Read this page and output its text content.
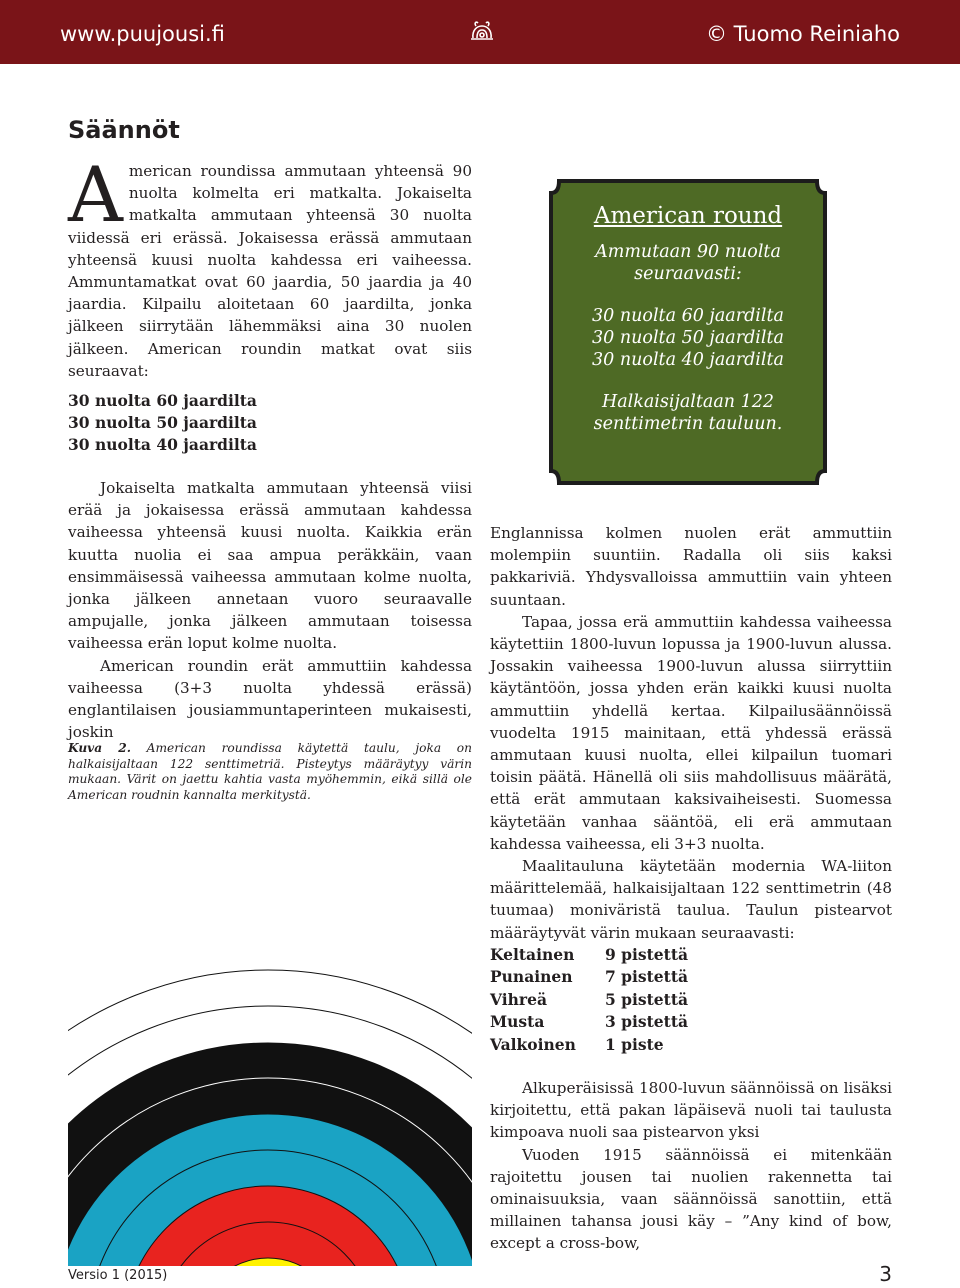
www.puujousi.fi	© Tuomo Reiniaho
Säännöt
American roundissa ammutaan yhteensä 90 nuolta kolmelta eri matkalta. Jokaiselta matkalta ammutaan yhteensä 30 nuolta viidessä eri erässä. Jokaisessa erässä ammutaan yhteensä kuusi nuolta kahdessa eri vaiheessa. Ammuntamatkat ovat 60 jaardia, 50 jaardia ja 40 jaardia. Kilpailu aloitetaan 60 jaardilta, jonka jälkeen siirrytään lähemmäksi aina 30 nuolen jälkeen. American roundin matkat ovat siis seuraavat:
30 nuolta 60 jaardilta
30 nuolta 50 jaardilta
30 nuolta 40 jaardilta

Jokaiselta matkalta ammutaan yhteensä viisi erää ja jokaisessa erässä ammutaan kahdessa vaiheessa yhteensä kuusi nuolta. Kaikkia erän kuutta nuolia ei saa ampua peräkkäin, vaan ensimmäisessä vaiheessa ammutaan kolme nuolta, jonka jälkeen annetaan vuoro seuraavalle ampujalle, jonka jälkeen ammutaan toisessa vaiheessa erän loput kolme nuolta.

American roundin erät ammuttiin kahdessa vaiheessa (3+3 nuolta yhdessä erässä) englantilaisen jousiammuntaperinteen mukaisesti, joskin

Kuva 2. American roundissa käytettä taulu, joka on halkaisijaltaan 122 senttimetriä. Pisteytys määräytyy värin mukaan. Värit on jaettu kahtia vasta myöhemmin, eikä sillä ole American roudnin kannalta merkitystä.
American round
Ammutaan 90 nuolta
seuraavasti:
30 nuolta 60 jaardilta
30 nuolta 50 jaardilta
30 nuolta 40 jaardilta
Halkaisijaltaan 122
senttimetrin tauluun.

Englannissa kolmen nuolen erät ammuttiin molempiin suuntiin. Radalla oli siis kaksi pakkariviä. Yhdysvalloissa ammuttiin vain yhteen suuntaan.

Tapaa, jossa erä ammuttiin kahdessa vaiheessa käytettiin 1800-luvun lopussa ja 1900-luvun alussa. Jossakin vaiheessa 1900-luvun alussa siirryttiin käytäntöön, jossa yhden erän kaikki kuusi nuolta ammuttiin yhdellä kertaa. Kilpailusäännöissä vuodelta 1915 mainitaan, että yhdessä erässä ammutaan kuusi nuolta, ellei kilpailun tuomari toisin päätä. Hänellä oli siis mahdollisuus määrätä, että erät ammutaan kaksivaiheisesti. Suomessa käytetään vanhaa sääntöä, eli erä ammutaan kahdessa vaiheessa, eli 3+3 nuolta.

Maalitauluna käytetään modernia WA-liiton määrittelemää, halkaisijaltaan 122 senttimetrin (48 tuumaa) moniväristä taulua. Taulun pistearvot määräytyvät värin mukaan seuraavasti:

Keltainen	9 pistettä
Punainen	7 pistettä
Vihreä	5 pistettä
Musta	3 pistettä
Valkoinen	1 piste

Alkuperäisissä 1800-luvun säännöissä on lisäksi kirjoitettu, että pakan läpäisevä nuoli tai taulusta kimpoava nuoli saa pistearvon yksi

Vuoden 1915 säännöissä ei mitenkään rajoitettu jousen tai nuolien rakennetta tai ominaisuuksia, vaan säännöissä sanottiin, että millainen tahansa jousi käy – ”Any kind of bow, except a cross-bow,

Versio 1 (2015)	3
